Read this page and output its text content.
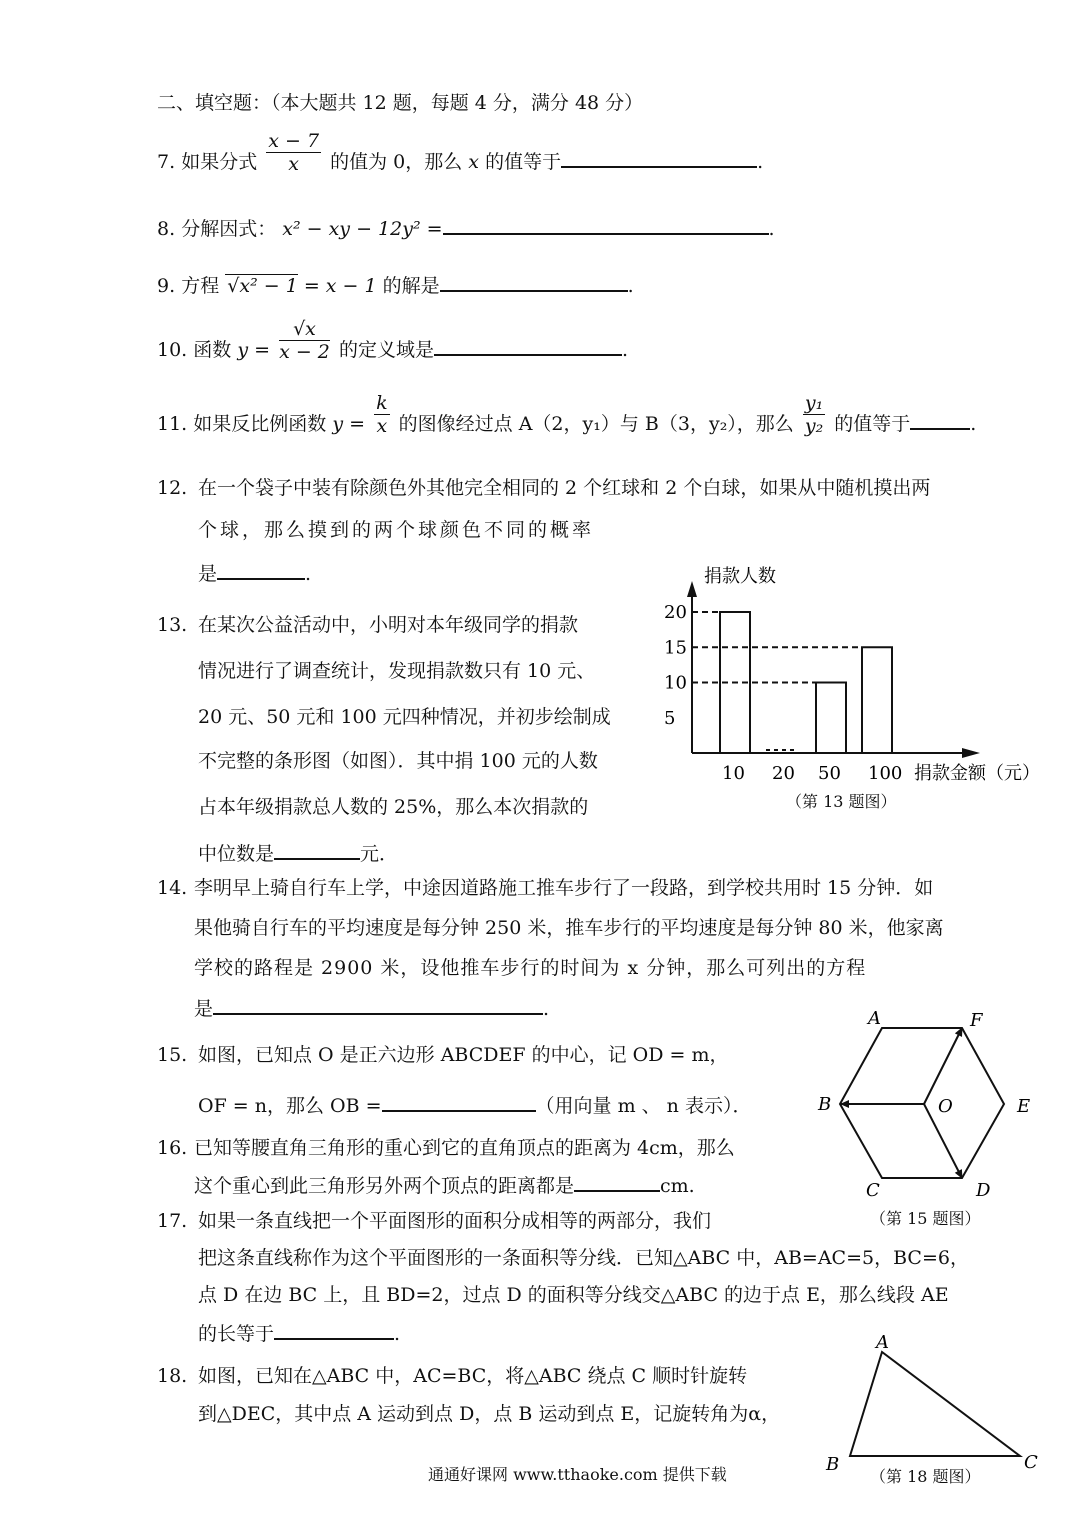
二、填空题：（本大题共 12 题，每题 4 分，满分 48 分）
7. 如果分式 $\frac{x - 7}{x}$ 的值为 0，那么 x 的值等于	.
8. 分解因式： x² − xy − 12y² =	.
9. 方程 √x² − 1 = x − 1 的解是	.
10. 函数 $y = \frac{√x}{x - 2}$ 的定义域是	.
11. 如果反比例函数 $y = \frac{k}{x}$ 的图像经过点 A（2，y₁）与 B（3，y₂），那么 $\frac{\text{y₁}}{\text{y₂}}$ 的值等于	.
12. 在一个袋子中装有除颜色外其他完全相同的 2 个红球和 2 个白球，如果从中随机摸出两
个球，那么摸到的两个球颜色不同的概率
是	.
13. 在某次公益活动中，小明对本年级同学的捐款
情况进行了调查统计，发现捐款数只有 10 元、
20 元、50 元和 100 元四种情况，并初步绘制成
不完整的条形图（如图）．其中捐 100 元的人数
占本年级捐款总人数的 25%，那么本次捐款的
中位数是	元．
捐款人数
20
15
10
5
10 20 50 100 捐款金额（元）
（第 13 题图）
14. 李明早上骑自行车上学，中途因道路施工推车步行了一段路，到学校共用时 15 分钟．如
果他骑自行车的平均速度是每分钟 250 米，推车步行的平均速度是每分钟 80 米，他家离
学校的路程是 2900 米，设他推车步行的时间为 x 分钟，那么可列出的方程
是	.
15. 如图，已知点 O 是正六边形 ABCDEF 的中心，记 OD = m，
OF = n，那么 OB =	（用向量 m 、 n 表示）．
A	F
B	O	E
C	D
（第 15 题图）
16. 已知等腰直角三角形的重心到它的直角顶点的距离为 4cm，那么
这个重心到此三角形另外两个顶点的距离都是	cm.
17. 如果一条直线把一个平面图形的面积分成相等的两部分，我们
把这条直线称作为这个平面图形的一条面积等分线．已知△ABC 中，AB=AC=5，BC=6，
点 D 在边 BC 上，且 BD=2，过点 D 的面积等分线交△ABC 的边于点 E，那么线段 AE
的长等于	.
18. 如图，已知在△ABC 中，AC=BC，将△ABC 绕点 C 顺时针旋转
到△DEC，其中点 A 运动到点 D，点 B 运动到点 E，记旋转角为α，
A
B	C
（第 18 题图）
通通好课网 www.tthaoke.com 提供下载
